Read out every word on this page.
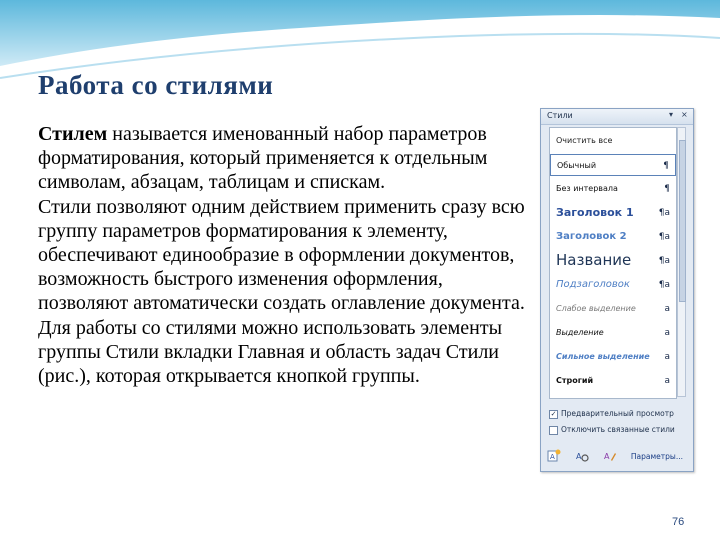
Работа со стилями

Стилем называется именованный набор параметров форматирования, который применяется к отдельным символам, абзацам, таблицам и спискам.

Стили позволяют одним действием применить сразу всю группу параметров форматирования к элементу, обеспечивают единообразие в оформлении документов, возможность быстрого изменения оформления, позволяют автоматически создать оглавление документа.

Для работы со стилями можно использовать элементы группы Стили вкладки Главная и область задач Стили (рис.), которая открывается кнопкой группы.

Стили	▾ ×
Очистить все
Обычный	¶
Без интервала	¶
Заголовок 1	¶a
Заголовок 2	¶a
Название	¶a
Подзаголовок	¶a
Слабое выделение	a
Выделение	a
Сильное выделение a
Строгий	a
✓ Предварительный просмотр
Отключить связанные стили
A	A	A	Параметры...
76
